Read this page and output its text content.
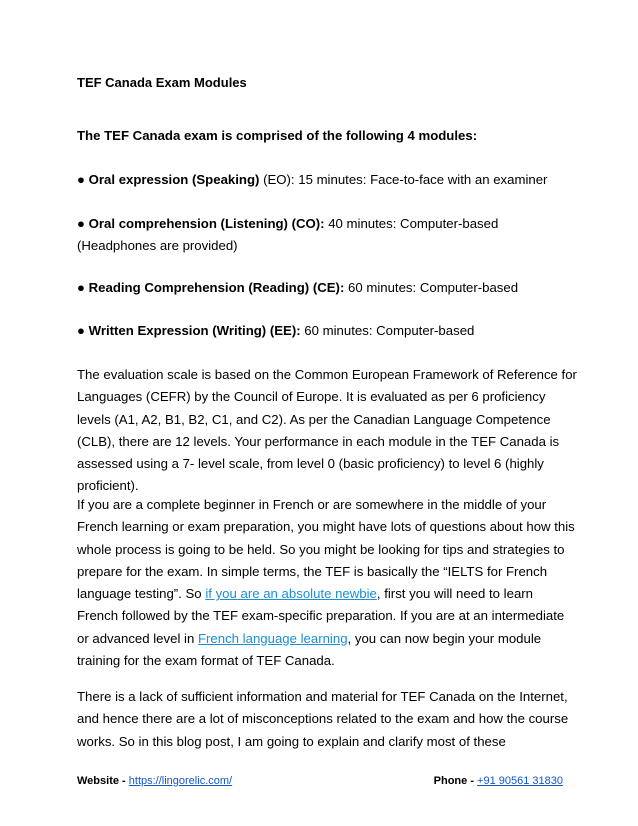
TEF Canada Exam Modules
The TEF Canada exam is comprised of the following 4 modules:
● Oral expression (Speaking) (EO): 15 minutes: Face-to-face with an examiner
● Oral comprehension (Listening) (CO): 40 minutes: Computer-based (Headphones are provided)
● Reading Comprehension (Reading) (CE): 60 minutes: Computer-based
● Written Expression (Writing) (EE): 60 minutes: Computer-based
The evaluation scale is based on the Common European Framework of Reference for Languages (CEFR) by the Council of Europe. It is evaluated as per 6 proficiency levels (A1, A2, B1, B2, C1, and C2). As per the Canadian Language Competence (CLB), there are 12 levels. Your performance in each module in the TEF Canada is assessed using a 7- level scale, from level 0 (basic proficiency) to level 6 (highly proficient).
If you are a complete beginner in French or are somewhere in the middle of your French learning or exam preparation, you might have lots of questions about how this whole process is going to be held. So you might be looking for tips and strategies to prepare for the exam. In simple terms, the TEF is basically the “IELTS for French language testing”. So if you are an absolute newbie, first you will need to learn French followed by the TEF exam-specific preparation. If you are at an intermediate or advanced level in French language learning, you can now begin your module training for the exam format of TEF Canada.
There is a lack of sufficient information and material for TEF Canada on the Internet, and hence there are a lot of misconceptions related to the exam and how the course works. So in this blog post, I am going to explain and clarify most of these
Website - https://lingorelic.com/	Phone - +91 90561 31830
